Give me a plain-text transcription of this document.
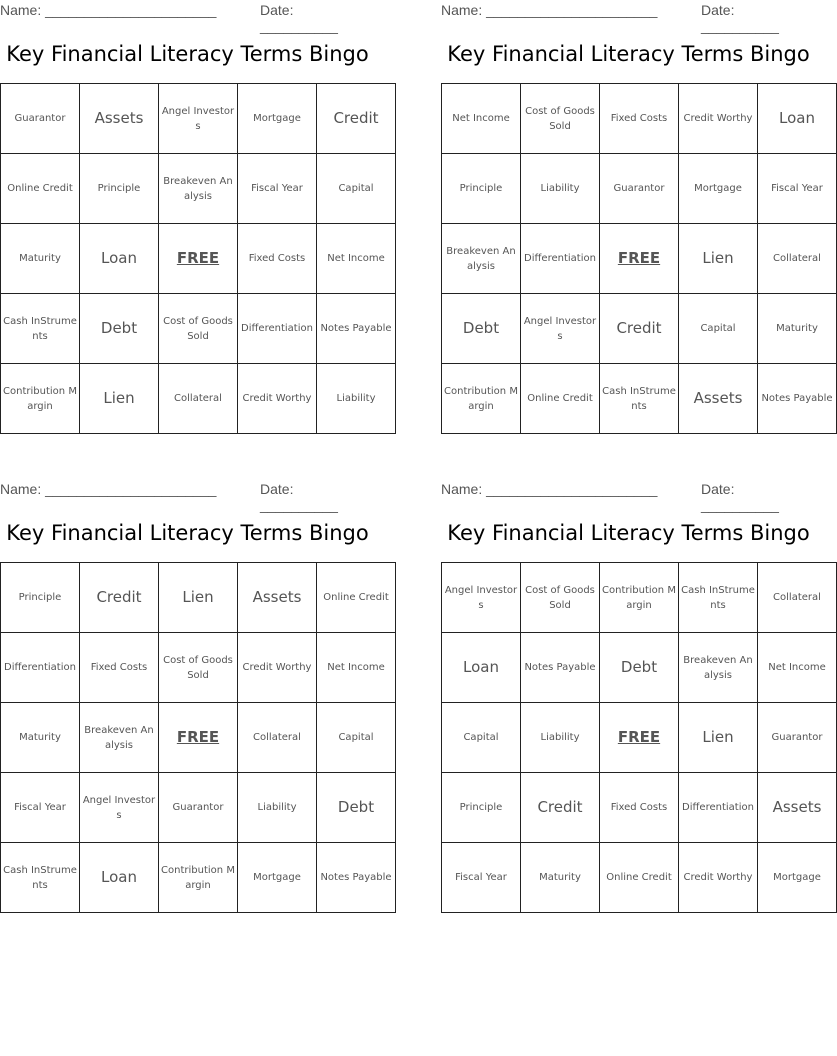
Name: ______________________	Date: __________
Key Financial Literacy Terms Bingo
Guarantor	Assets	Angel Investors	Mortgage	Credit
Online Credit	Principle	Breakeven Analysis	Fiscal Year	Capital
Maturity	Loan	FREE	Fixed Costs	Net Income
Cash InStruments	Debt	Cost of Goods Sold	Differentiation	Notes Payable
Contribution Margin	Lien	Collateral	Credit Worthy	Liability
Name: ______________________	Date: __________
Key Financial Literacy Terms Bingo
Net Income	Cost of Goods Sold	Fixed Costs	Credit Worthy	Loan
Principle	Liability	Guarantor	Mortgage	Fiscal Year
Breakeven Analysis	Differentiation	FREE	Lien	Collateral
Debt	Angel Investors	Credit	Capital	Maturity
Contribution Margin	Online Credit	Cash InStruments	Assets	Notes Payable
Name: ______________________	Date: __________
Key Financial Literacy Terms Bingo
Principle	Credit	Lien	Assets	Online Credit
Differentiation	Fixed Costs	Cost of Goods Sold	Credit Worthy	Net Income
Maturity	Breakeven Analysis	FREE	Collateral	Capital
Fiscal Year	Angel Investors	Guarantor	Liability	Debt
Cash InStruments	Loan	Contribution Margin	Mortgage	Notes Payable
Name: ______________________	Date: __________
Key Financial Literacy Terms Bingo
Angel Investors	Cost of Goods Sold	Contribution Margin	Cash InStruments	Collateral
Loan	Notes Payable	Debt	Breakeven Analysis	Net Income
Capital	Liability	FREE	Lien	Guarantor
Principle	Credit	Fixed Costs	Differentiation	Assets
Fiscal Year	Maturity	Online Credit	Credit Worthy	Mortgage
